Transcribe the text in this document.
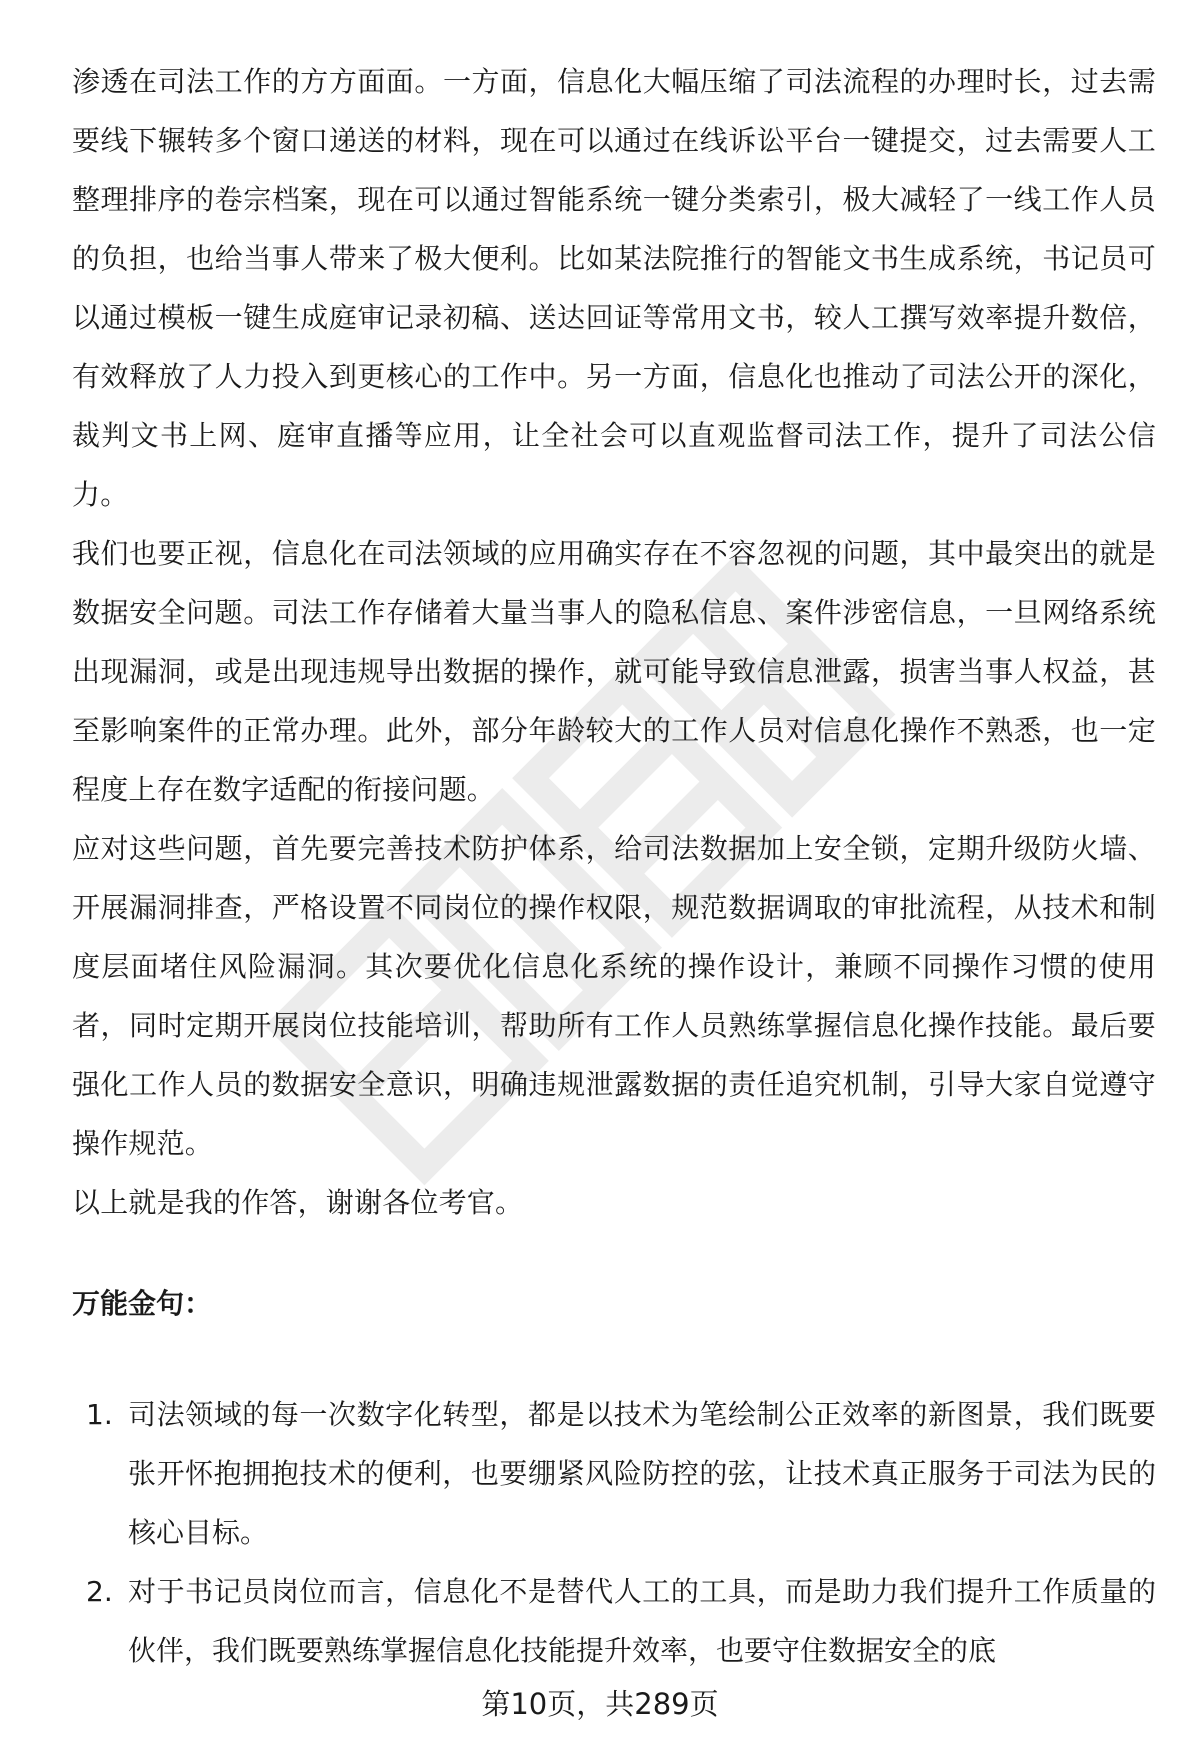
渗透在司法工作的方方面面。一方面，信息化大幅压缩了司法流程的办理时长，过去需要线下辗转多个窗口递送的材料，现在可以通过在线诉讼平台一键提交，过去需要人工整理排序的卷宗档案，现在可以通过智能系统一键分类索引，极大减轻了一线工作人员的负担，也给当事人带来了极大便利。比如某法院推行的智能文书生成系统，书记员可以通过模板一键生成庭审记录初稿、送达回证等常用文书，较人工撰写效率提升数倍，有效释放了人力投入到更核心的工作中。另一方面，信息化也推动了司法公开的深化，裁判文书上网、庭审直播等应用，让全社会可以直观监督司法工作，提升了司法公信力。

我们也要正视，信息化在司法领域的应用确实存在不容忽视的问题，其中最突出的就是数据安全问题。司法工作存储着大量当事人的隐私信息、案件涉密信息，一旦网络系统出现漏洞，或是出现违规导出数据的操作，就可能导致信息泄露，损害当事人权益，甚至影响案件的正常办理。此外，部分年龄较大的工作人员对信息化操作不熟悉，也一定程度上存在数字适配的衔接问题。

应对这些问题，首先要完善技术防护体系，给司法数据加上安全锁，定期升级防火墙、开展漏洞排查，严格设置不同岗位的操作权限，规范数据调取的审批流程，从技术和制度层面堵住风险漏洞。其次要优化信息化系统的操作设计，兼顾不同操作习惯的使用者，同时定期开展岗位技能培训，帮助所有工作人员熟练掌握信息化操作技能。最后要强化工作人员的数据安全意识，明确违规泄露数据的责任追究机制，引导大家自觉遵守操作规范。

以上就是我的作答，谢谢各位考官。

万能金句：
1. 司法领域的每一次数字化转型，都是以技术为笔绘制公正效率的新图景，我们既要张开怀抱拥抱技术的便利，也要绷紧风险防控的弦，让技术真正服务于司法为民的核心目标。
2. 对于书记员岗位而言，信息化不是替代人工的工具，而是助力我们提升工作质量的伙伴，我们既要熟练掌握信息化技能提升效率，也要守住数据安全的底
第10页，共289页
